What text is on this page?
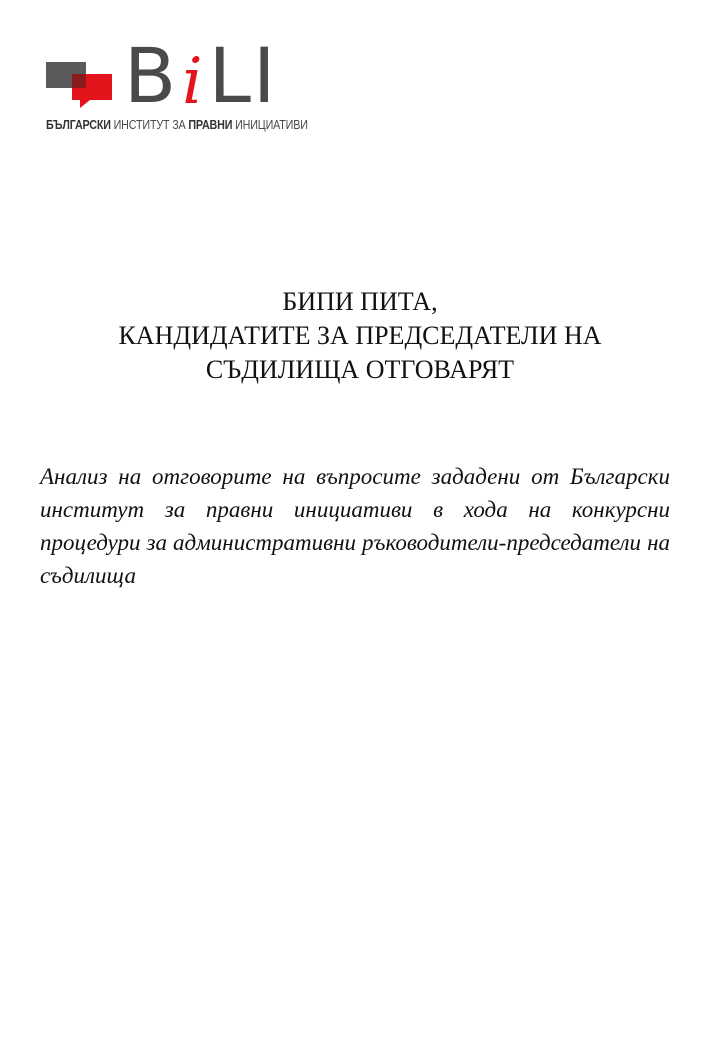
B i LI
БЪЛГАРСКИ ИНСТИТУТ ЗА ПРАВНИ ИНИЦИАТИВИ
БИПИ ПИТА,
КАНДИДАТИТЕ ЗА ПРЕДСЕДАТЕЛИ НА
СЪДИЛИЩА ОТГОВАРЯТ
Анализ на отговорите на въпросите зададени от Български институт за правни инициативи в хода на конкурсни процедури за административни ръководители-председатели на съдилища
